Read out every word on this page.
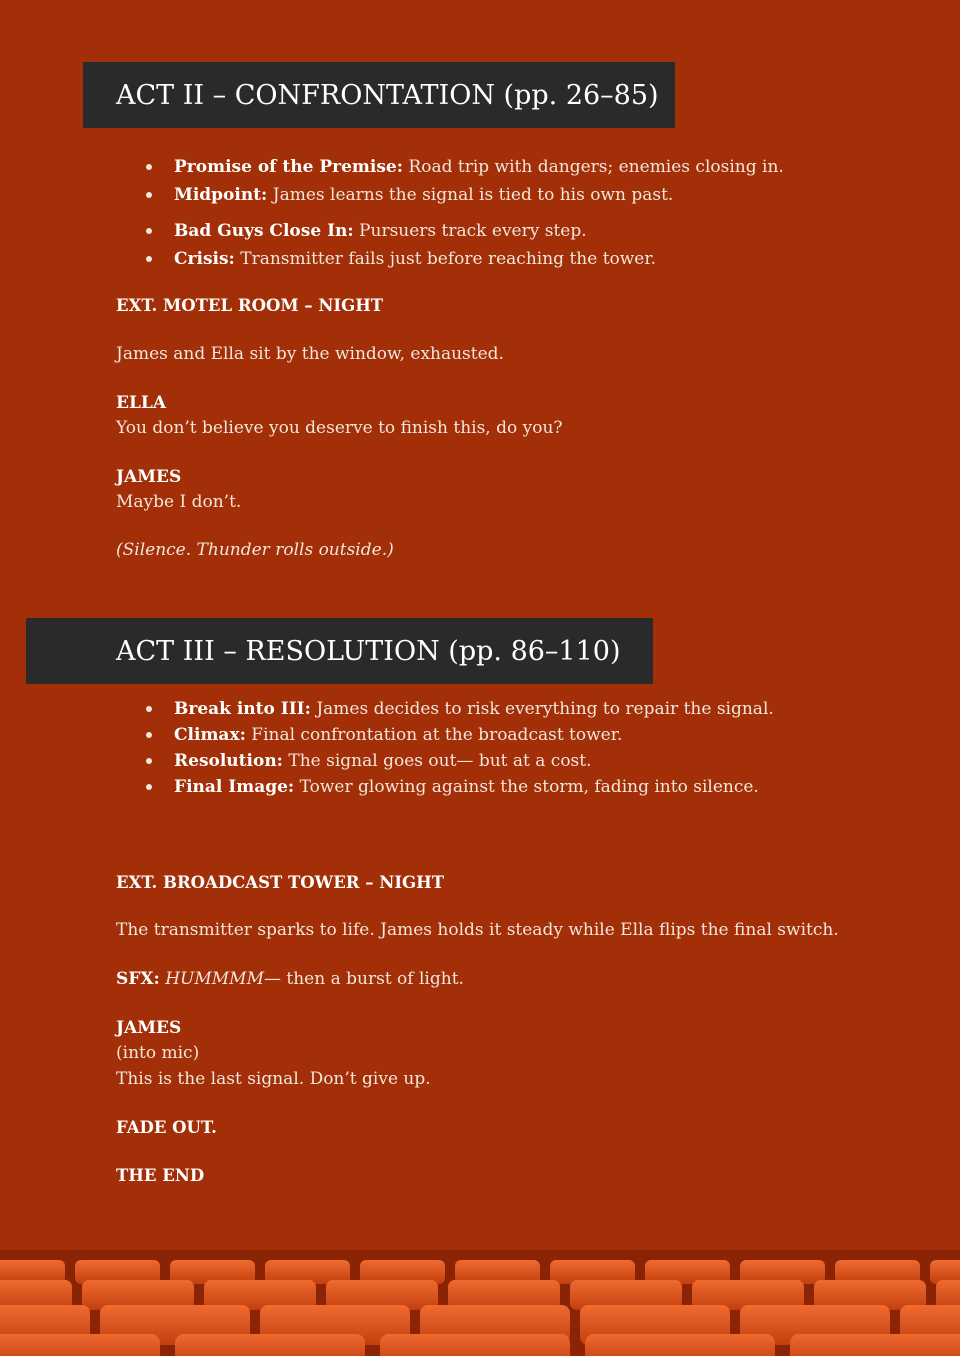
ACT II – CONFRONTATION (pp. 26–85)
Promise of the Premise: Road trip with dangers; enemies closing in.
Midpoint: James learns the signal is tied to his own past.
Bad Guys Close In: Pursuers track every step.
Crisis: Transmitter fails just before reaching the tower.
EXT. MOTEL ROOM – NIGHT
James and Ella sit by the window, exhausted.
ELLA
You don’t believe you deserve to finish this, do you?
JAMES
Maybe I don’t.
(Silence. Thunder rolls outside.)
ACT III – RESOLUTION (pp. 86–110)
Break into III: James decides to risk everything to repair the signal.
Climax: Final confrontation at the broadcast tower.
Resolution: The signal goes out— but at a cost.
Final Image: Tower glowing against the storm, fading into silence.
EXT. BROADCAST TOWER – NIGHT
The transmitter sparks to life. James holds it steady while Ella flips the final switch.
SFX: HUMMMM— then a burst of light.
JAMES
(into mic)
This is the last signal. Don’t give up.
FADE OUT.
THE END
